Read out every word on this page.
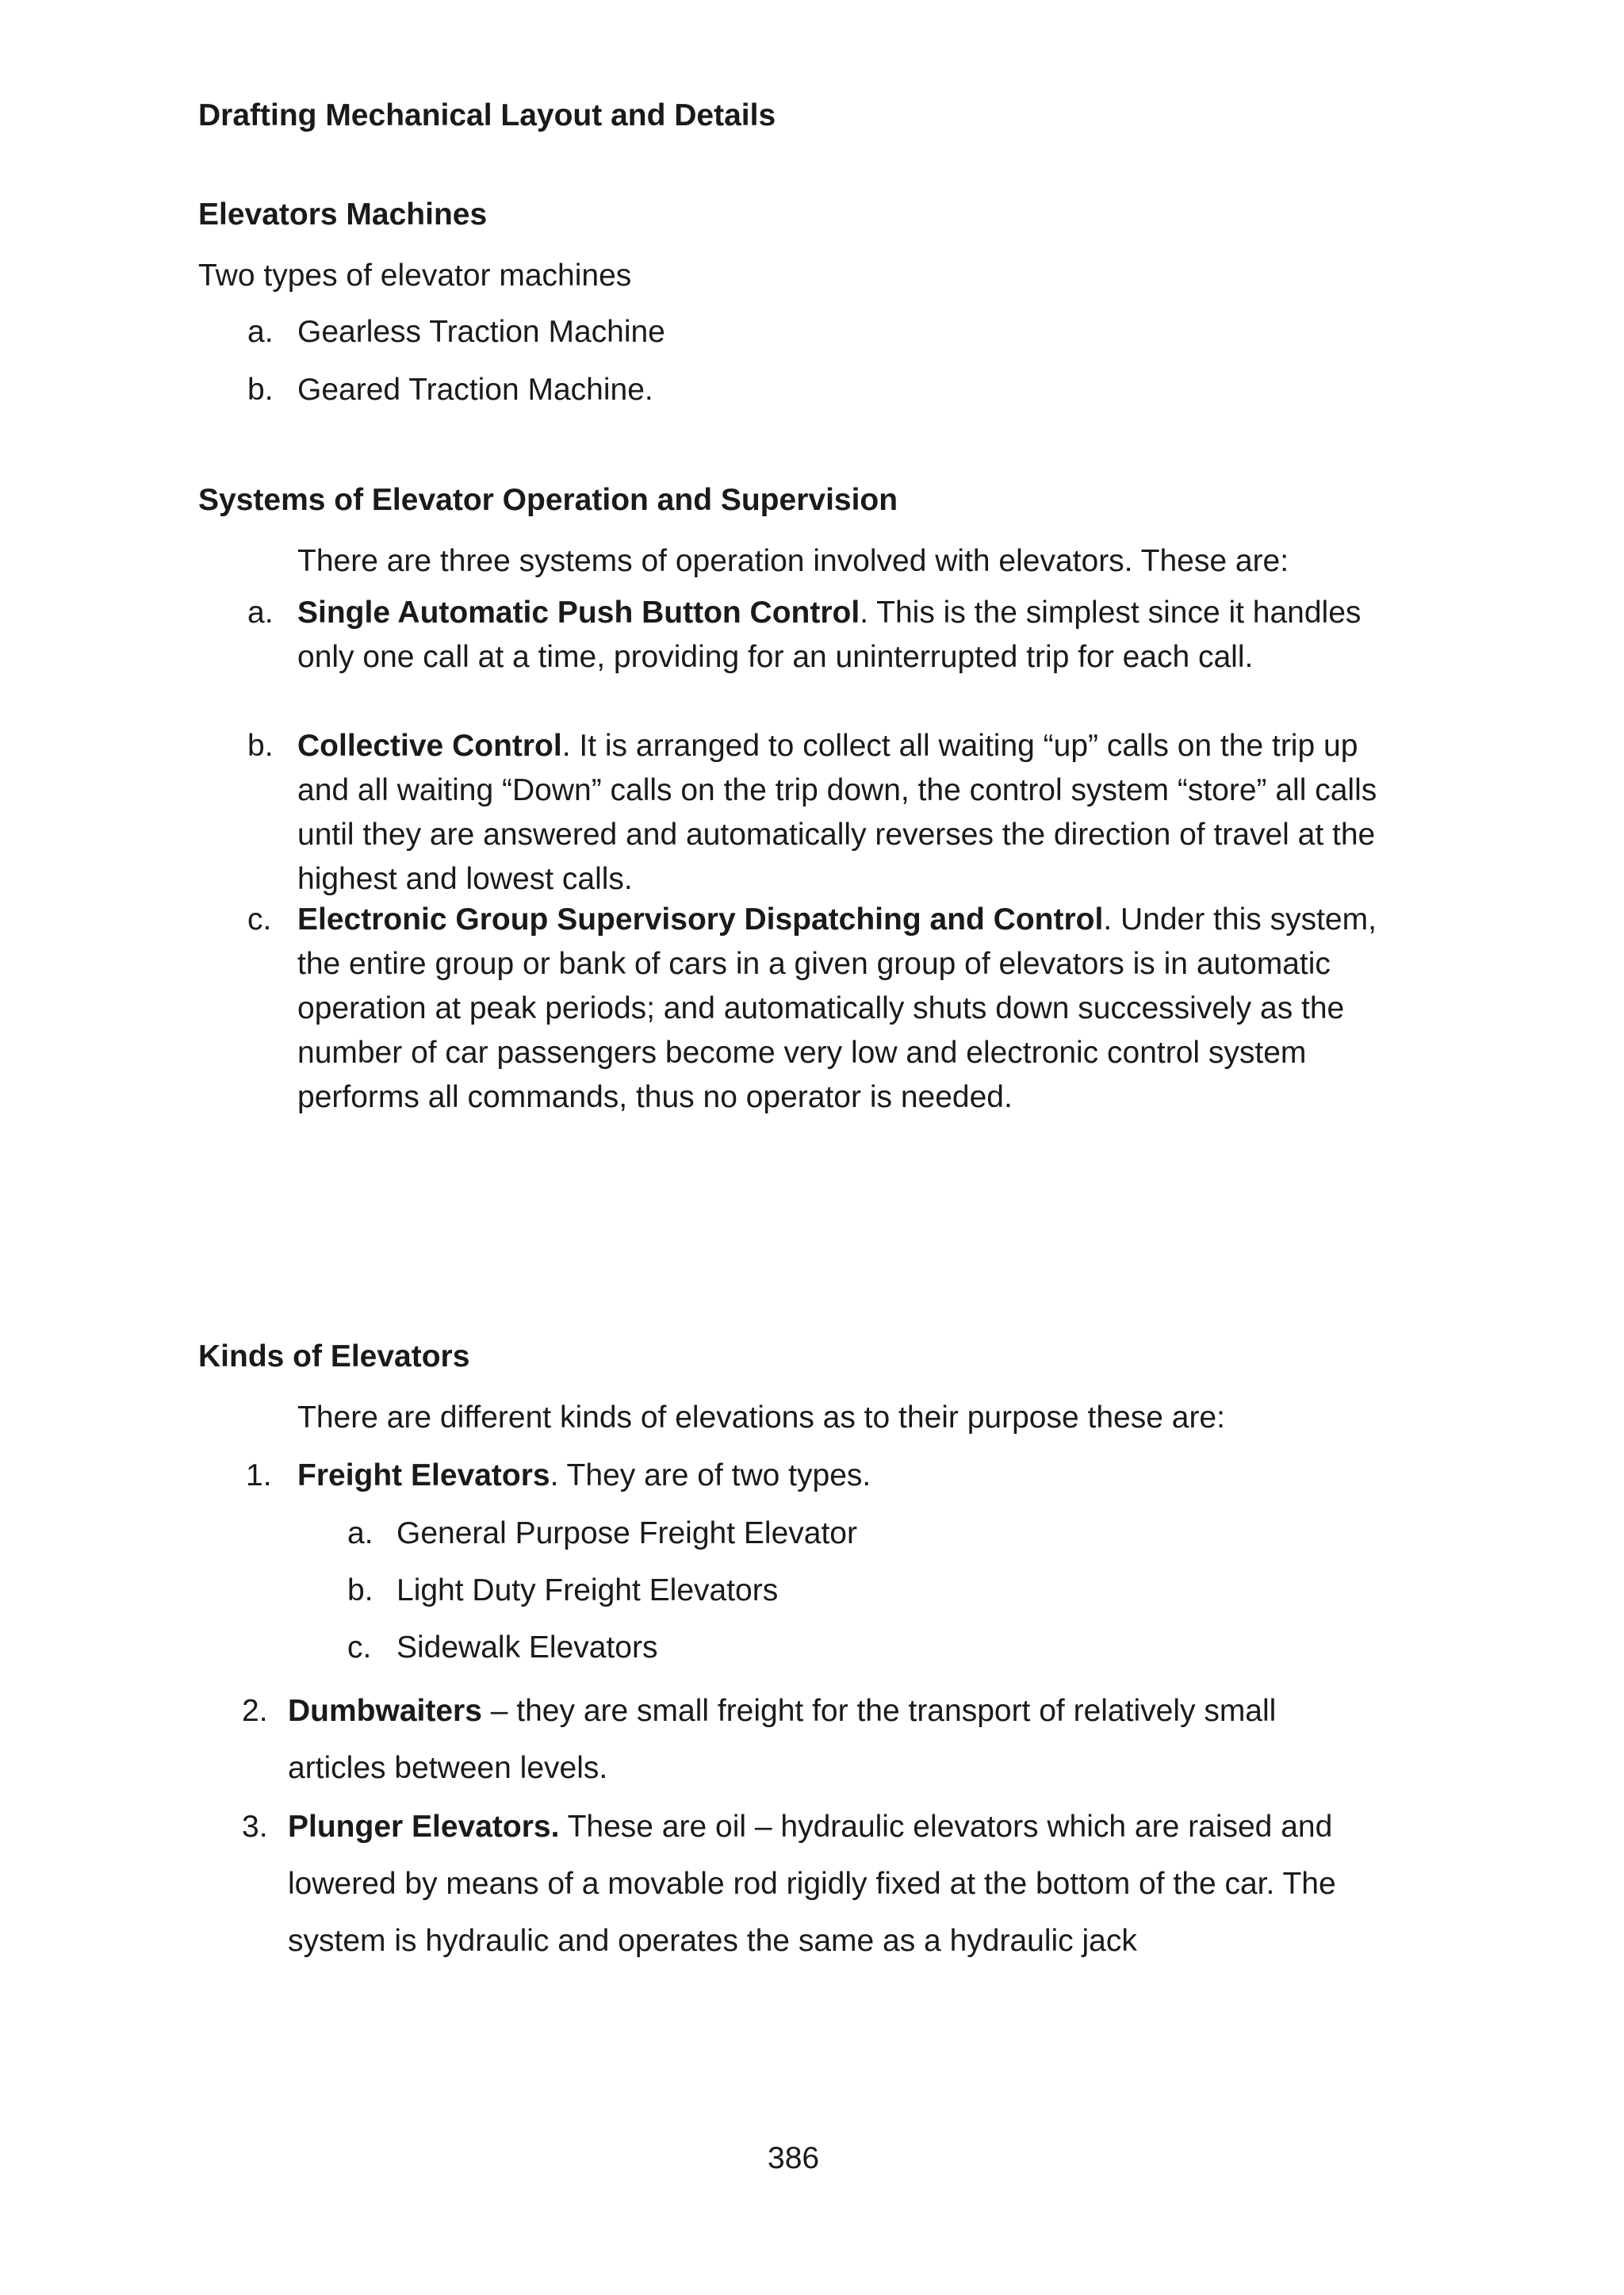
Drafting Mechanical Layout and Details
Elevators Machines
Two types of elevator machines
a. Gearless Traction Machine
b. Geared Traction Machine.
Systems of Elevator Operation and Supervision
There are three systems of operation involved with elevators. These are:
a. Single Automatic Push Button Control. This is the simplest since it handles only one call at a time, providing for an uninterrupted trip for each call.
b. Collective Control. It is arranged to collect all waiting “up” calls on the trip up and all waiting “Down” calls on the trip down, the control system “store” all calls until they are answered and automatically reverses the direction of travel at the highest and lowest calls.
c. Electronic Group Supervisory Dispatching and Control. Under this system, the entire group or bank of cars in a given group of elevators is in automatic operation at peak periods; and automatically shuts down successively as the number of car passengers become very low and electronic control system performs all commands, thus no operator is needed.
Kinds of Elevators
There are different kinds of elevations as to their purpose these are:
1. Freight Elevators. They are of two types.
a. General Purpose Freight Elevator
b. Light Duty Freight Elevators
c. Sidewalk Elevators
2. Dumbwaiters – they are small freight for the transport of relatively small articles between levels.
3. Plunger Elevators. These are oil – hydraulic elevators which are raised and lowered by means of a movable rod rigidly fixed at the bottom of the car. The system is hydraulic and operates the same as a hydraulic jack
386
